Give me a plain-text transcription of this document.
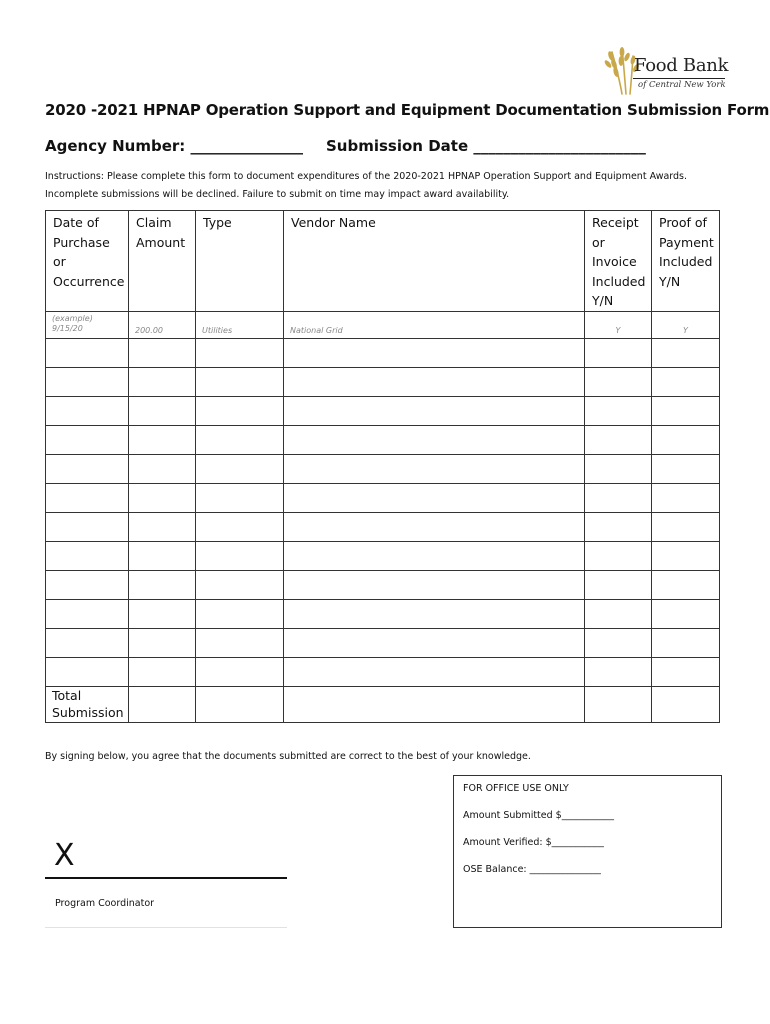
Food Bank
of Central New York
2020 -2021 HPNAP Operation Support and Equipment Documentation Submission Form
Agency Number: _______________ Submission Date _______________________
Instructions: Please complete this form to document expenditures of the 2020-2021 HPNAP Operation Support and Equipment Awards.
Incomplete submissions will be declined. Failure to submit on time may impact award availability.
Date of Purchase or Occurrence	Claim Amount	Type	Vendor Name	Receipt or Invoice Included Y/N	Proof of Payment Included Y/N

(example)
9/15/20	200.00	Utilities	National Grid	Y	Y

Total
Submission					

By signing below, you agree that the documents submitted are correct to the best of your knowledge.
X
Program Coordinator
FOR OFFICE USE ONLY
Amount Submitted $___________
Amount Verified: $___________
OSE Balance: _______________
